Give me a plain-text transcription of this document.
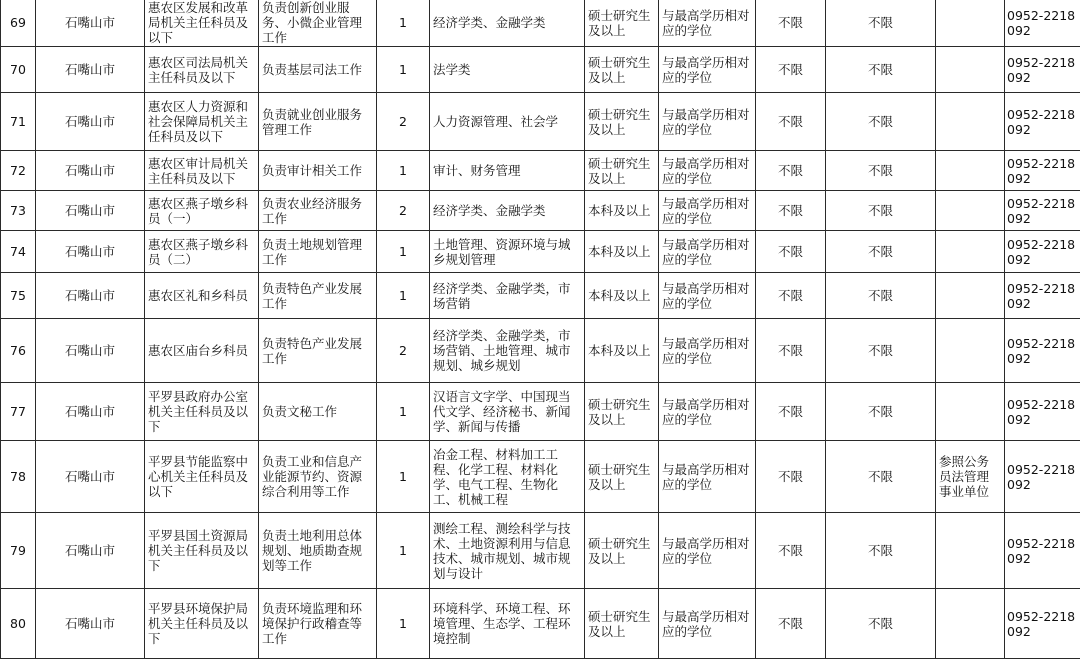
69	石嘴山市	惠农区发展和改革局机关主任科员及以下	负责创新创业服务、小微企业管理工作	1	经济学类、金融学类	硕士研究生及以上	与最高学历相对应的学位	不限	不限		0952-2218092
70	石嘴山市	惠农区司法局机关主任科员及以下	负责基层司法工作	1	法学类	硕士研究生及以上	与最高学历相对应的学位	不限	不限		0952-2218092
71	石嘴山市	惠农区人力资源和社会保障局机关主任科员及以下	负责就业创业服务管理工作	2	人力资源管理、社会学	硕士研究生及以上	与最高学历相对应的学位	不限	不限		0952-2218092
72	石嘴山市	惠农区审计局机关主任科员及以下	负责审计相关工作	1	审计、财务管理	硕士研究生及以上	与最高学历相对应的学位	不限	不限		0952-2218092
73	石嘴山市	惠农区燕子墩乡科员（一）	负责农业经济服务工作	2	经济学类、金融学类	本科及以上	与最高学历相对应的学位	不限	不限		0952-2218092
74	石嘴山市	惠农区燕子墩乡科员（二）	负责土地规划管理工作	1	土地管理、资源环境与城乡规划管理	本科及以上	与最高学历相对应的学位	不限	不限		0952-2218092
75	石嘴山市	惠农区礼和乡科员	负责特色产业发展工作	1	经济学类、金融学类，市场营销	本科及以上	与最高学历相对应的学位	不限	不限		0952-2218092
76	石嘴山市	惠农区庙台乡科员	负责特色产业发展工作	2	经济学类、金融学类，市场营销、土地管理、城市规划、城乡规划	本科及以上	与最高学历相对应的学位	不限	不限		0952-2218092
77	石嘴山市	平罗县政府办公室机关主任科员及以下	负责文秘工作	1	汉语言文字学、中国现当代文学、经济秘书、新闻学、新闻与传播	硕士研究生及以上	与最高学历相对应的学位	不限	不限		0952-2218092
78	石嘴山市	平罗县节能监察中心机关主任科员及以下	负责工业和信息产业能源节约、资源综合利用等工作	1	冶金工程、材料加工工程、化学工程、材料化学、电气工程、生物化工、机械工程	硕士研究生及以上	与最高学历相对应的学位	不限	不限	参照公务员法管理事业单位	0952-2218092
79	石嘴山市	平罗县国土资源局机关主任科员及以下	负责土地利用总体规划、地质勘查规划等工作	1	测绘工程、测绘科学与技术、土地资源利用与信息技术、城市规划、城市规划与设计	硕士研究生及以上	与最高学历相对应的学位	不限	不限		0952-2218092
80	石嘴山市	平罗县环境保护局机关主任科员及以下	负责环境监理和环境保护行政稽查等工作	1	环境科学、环境工程、环境管理、生态学、工程环境控制	硕士研究生及以上	与最高学历相对应的学位	不限	不限		0952-2218092
